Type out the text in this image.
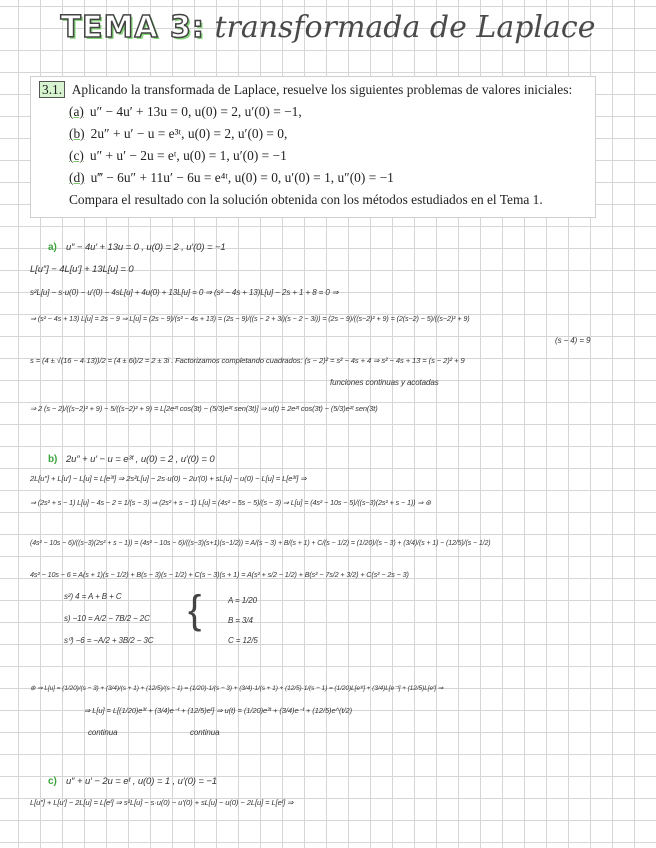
TEMA 3: transformada de Laplace
3.1. Aplicando la transformada de Laplace, resuelve los siguientes problemas de valores iniciales:
(a) u″ − 4u′ + 13u = 0, u(0) = 2, u′(0) = −1,
(b) 2u″ + u′ − u = e³ᵗ, u(0) = 2, u′(0) = 0,
(c) u″ + u′ − 2u = eᵗ, u(0) = 1, u′(0) = −1
(d) u‴ − 6u″ + 11u′ − 6u = e⁴ᵗ, u(0) = 0, u′(0) = 1, u″(0) = −1
Compara el resultado con la solución obtenida con los métodos estudiados en el Tema 1.
a) u″ − 4u′ + 13u = 0 , u(0) = 2 , u′(0) = −1
L[u″] − 4L[u′] + 13L[u] = 0
s²L[u] − s·u(0) − u′(0) − 4sL[u] + 4u(0) + 13L[u] = 0 ⇒ (s² − 4s + 13)L[u] − 2s + 1 + 8 = 0 ⇒
⇒ (s² − 4s + 13) L[u] = 2s − 9 ⇒ L[u] = (2s − 9)/(s² − 4s + 13) = (2s − 9)/((s − 2 + 3i)(s − 2 − 3i)) = (2s − 9)/((s−2)² + 9) = (2(s−2) − 5)/((s−2)² + 9)
(s − 4) = 9
s = (4 ± √(16 − 4·13))/2 = (4 ± 6i)/2 = 2 ± 3i . Factorizamos completando cuadrados: (s − 2)² = s² − 4s + 4 ⇒ s² − 4s + 13 = (s − 2)² + 9
funciones continuas y acotadas
⇒ 2 (s − 2)/((s−2)² + 9) − 5/((s−2)² + 9) = L[2e²ᵗ cos(3t) − (5/3)e²ᵗ sen(3t)] ⇒ u(t) = 2e²ᵗ cos(3t) − (5/3)e²ᵗ sen(3t)
b) 2u″ + u′ − u = e³ᵗ , u(0) = 2 , u′(0) = 0
2L[u″] + L[u′] − L[u] = L[e³ᵗ] ⇒ 2s²L[u] − 2s·u(0) − 2u′(0) + sL[u] − u(0) − L[u] = L[e³ᵗ] ⇒
⇒ (2s² + s − 1) L[u] − 4s − 2 = 1/(s − 3) ⇒ (2s² + s − 1) L[u] = (4s² − 5s − 5)/(s − 3) ⇒ L[u] = (4s² − 10s − 5)/((s−3)(2s² + s − 1)) ⇒ ⊛
(4s² − 10s − 6)/((s−3)(2s² + s − 1)) = (4s² − 10s − 6)/((s−3)(s+1)(s−1/2)) = A/(s − 3) + B/(s + 1) + C/(s − 1/2) = (1/20)/(s − 3) + (3/4)/(s + 1) − (12/5)/(s − 1/2)
4s² − 10s − 6 = A(s + 1)(s − 1/2) + B(s − 3)(s − 1/2) + C(s − 3)(s + 1) = A(s² + s/2 − 1/2) + B(s² − 7s/2 + 3/2) + C(s² − 2s − 3)
s²) 4 = A + B + C
s) −10 = A/2 − 7B/2 − 2C
s⁰) −6 = −A/2 + 3B/2 − 3C
{	A = 1/20
B = 3/4
C = 12/5
⊛ ⇒ L[u] = (1/20)/(s − 3) + (3/4)/(s + 1) + (12/5)/(s − 1) = (1/20)·1/(s − 3) + (3/4)·1/(s + 1) + (12/5)·1/(s − 1) = (1/20)L[e³ᵗ] + (3/4)L[e⁻ᵗ] + (12/5)L[eᵗ] ⇒
⇒ L[u] = L[(1/20)e³ᵗ + (3/4)e⁻ᵗ + (12/5)eᵗ] ⇒ u(t) = (1/20)e³ᵗ + (3/4)e⁻ᵗ + (12/5)e^(t/2)
continua	continua
c) u″ + u′ − 2u = eᵗ , u(0) = 1 , u′(0) = −1
L[u″] + L[u′] − 2L[u] = L[eᵗ] ⇒ s²L[u] − s·u(0) − u′(0) + sL[u] − u(0) − 2L[u] = L[eᵗ] ⇒
